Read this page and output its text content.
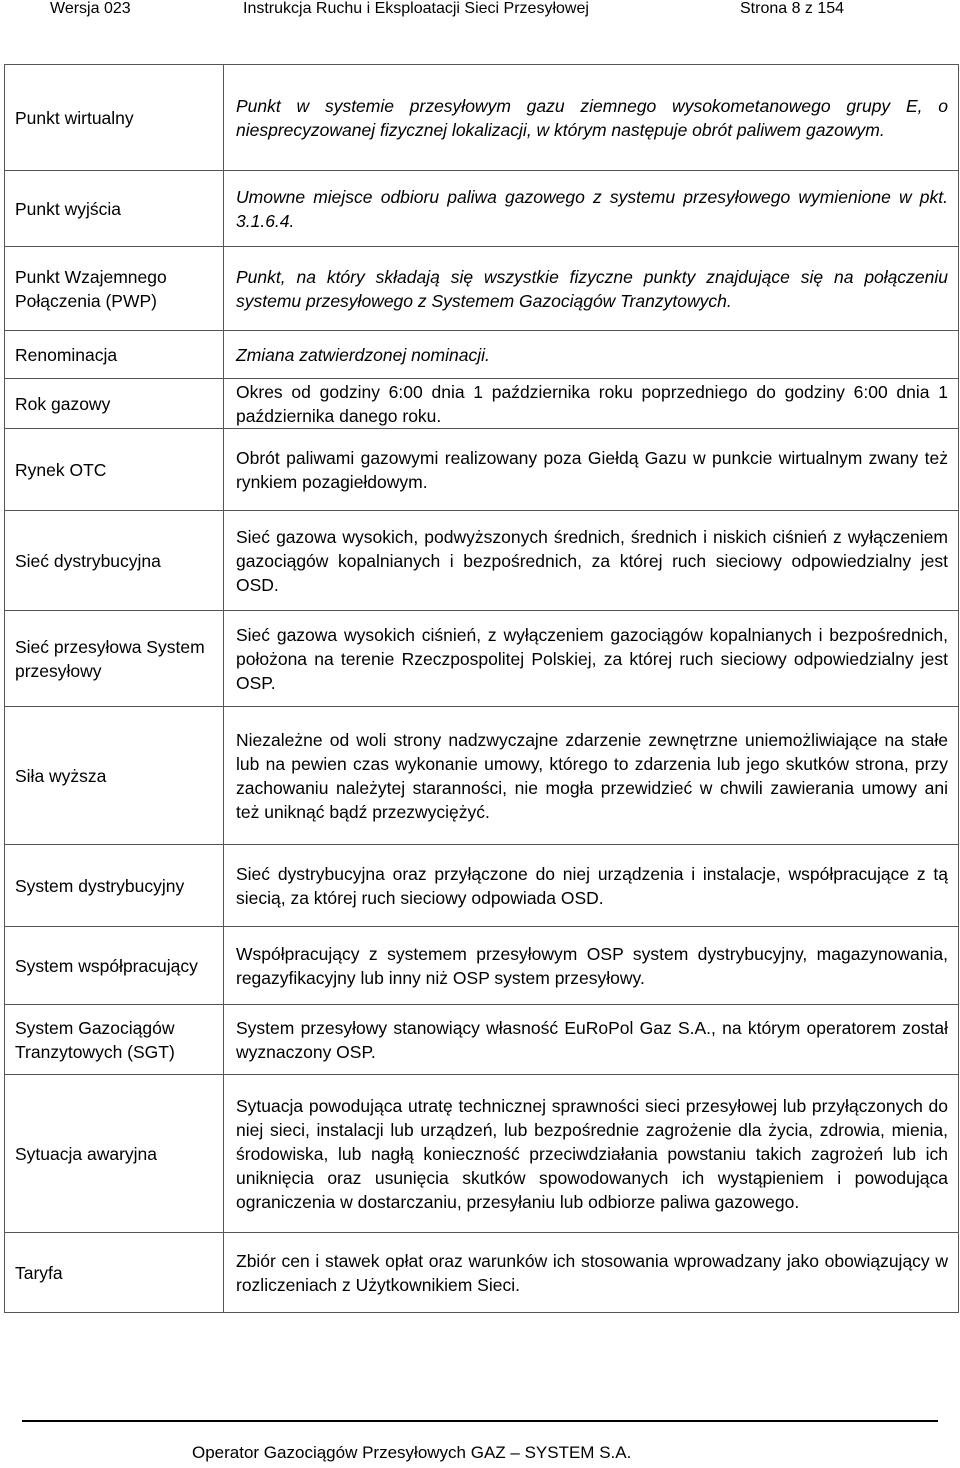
Wersja 023	Instrukcja Ruchu i Eksploatacji Sieci Przesyłowej	Strona 8 z 154
Punkt wirtualny	Punkt w systemie przesyłowym gazu ziemnego wysokometanowego grupy E, o niesprecyzowanej fizycznej lokalizacji, w którym następuje obrót paliwem gazowym.
Punkt wyjścia	Umowne miejsce odbioru paliwa gazowego z systemu przesyłowego wymienione w pkt. 3.1.6.4.
Punkt Wzajemnego Połączenia (PWP)	Punkt, na który składają się wszystkie fizyczne punkty znajdujące się na połączeniu systemu przesyłowego z Systemem Gazociągów Tranzytowych.
Renominacja	Zmiana zatwierdzonej nominacji.
Rok gazowy	Okres od godziny 6:00 dnia 1 października roku poprzedniego do godziny 6:00 dnia 1 października danego roku.
Rynek OTC	Obrót paliwami gazowymi realizowany poza Giełdą Gazu w punkcie wirtualnym zwany też rynkiem pozagiełdowym.
Sieć dystrybucyjna	Sieć gazowa wysokich, podwyższonych średnich, średnich i niskich ciśnień z wyłączeniem gazociągów kopalnianych i bezpośrednich, za której ruch sieciowy odpowiedzialny jest OSD.
Sieć przesyłowa System przesyłowy	Sieć gazowa wysokich ciśnień, z wyłączeniem gazociągów kopalnianych i bezpośrednich, położona na terenie Rzeczpospolitej Polskiej, za której ruch sieciowy odpowiedzialny jest OSP.
Siła wyższa	Niezależne od woli strony nadzwyczajne zdarzenie zewnętrzne uniemożliwiające na stałe lub na pewien czas wykonanie umowy, którego to zdarzenia lub jego skutków strona, przy zachowaniu należytej staranności, nie mogła przewidzieć w chwili zawierania umowy ani też uniknąć bądź przezwyciężyć.
System dystrybucyjny	Sieć dystrybucyjna oraz przyłączone do niej urządzenia i instalacje, współpracujące z tą siecią, za której ruch sieciowy odpowiada OSD.
System współpracujący	Współpracujący z systemem przesyłowym OSP system dystrybucyjny, magazynowania, regazyfikacyjny lub inny niż OSP system przesyłowy.
System Gazociągów Tranzytowych (SGT)	System przesyłowy stanowiący własność EuRoPol Gaz S.A., na którym operatorem został wyznaczony OSP.
Sytuacja awaryjna	Sytuacja powodująca utratę technicznej sprawności sieci przesyłowej lub przyłączonych do niej sieci, instalacji lub urządzeń, lub bezpośrednie zagrożenie dla życia, zdrowia, mienia, środowiska, lub nagłą konieczność przeciwdziałania powstaniu takich zagrożeń lub ich uniknięcia oraz usunięcia skutków spowodowanych ich wystąpieniem i powodująca ograniczenia w dostarczaniu, przesyłaniu lub odbiorze paliwa gazowego.
Taryfa	Zbiór cen i stawek opłat oraz warunków ich stosowania wprowadzany jako obowiązujący w rozliczeniach z Użytkownikiem Sieci.
Operator Gazociągów Przesyłowych GAZ – SYSTEM S.A.
